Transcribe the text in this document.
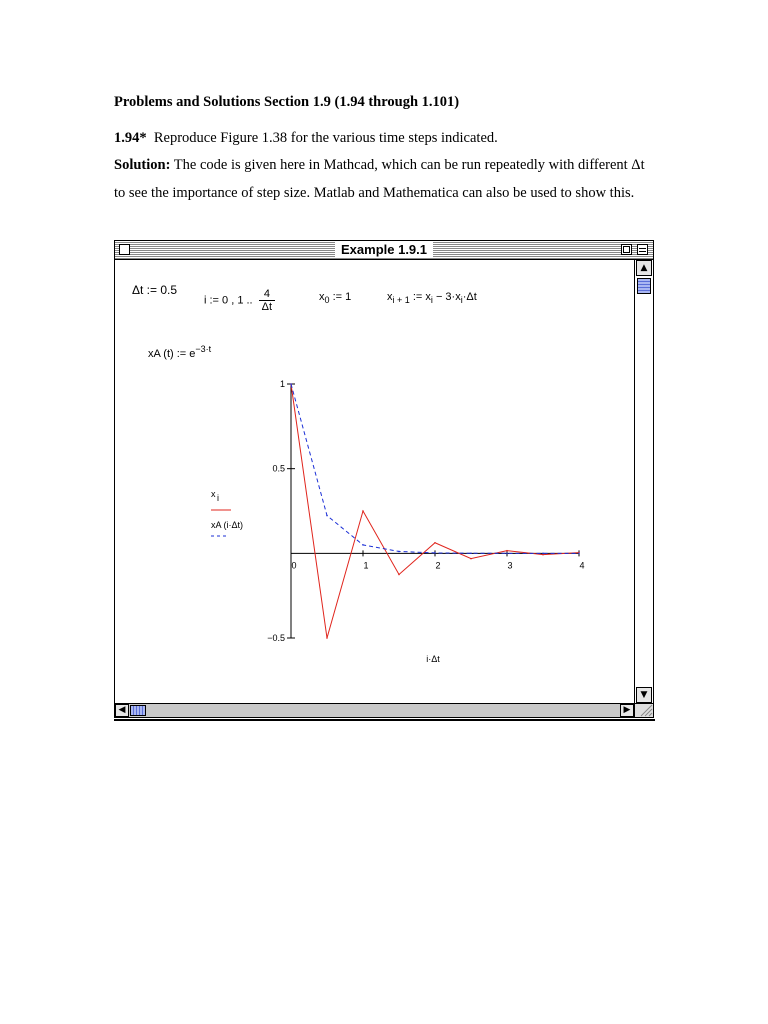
Problems and Solutions Section 1.9 (1.94 through 1.101)

1.94* Reproduce Figure 1.38 for the various time steps indicated.

Solution: The code is given here in Mathcad, which can be run repeatedly with different Δt to see the importance of step size. Matlab and Mathematica can also be used to show this.

Example 1.9.1
Δt := 0.5
i := 0 , 1 .. $\frac{4}{\Delta t}$	$x_0$ := 1	$x_{i + 1}$ := $x_i - 3\cdot x_i\cdot\Delta t$
xA (t) := $e^{-3\cdot t}$
1
0.5
−0.5
0	1	2	3	4
x i
xA (i·Δt)
i·Δt
▲
▼
◀	▶
